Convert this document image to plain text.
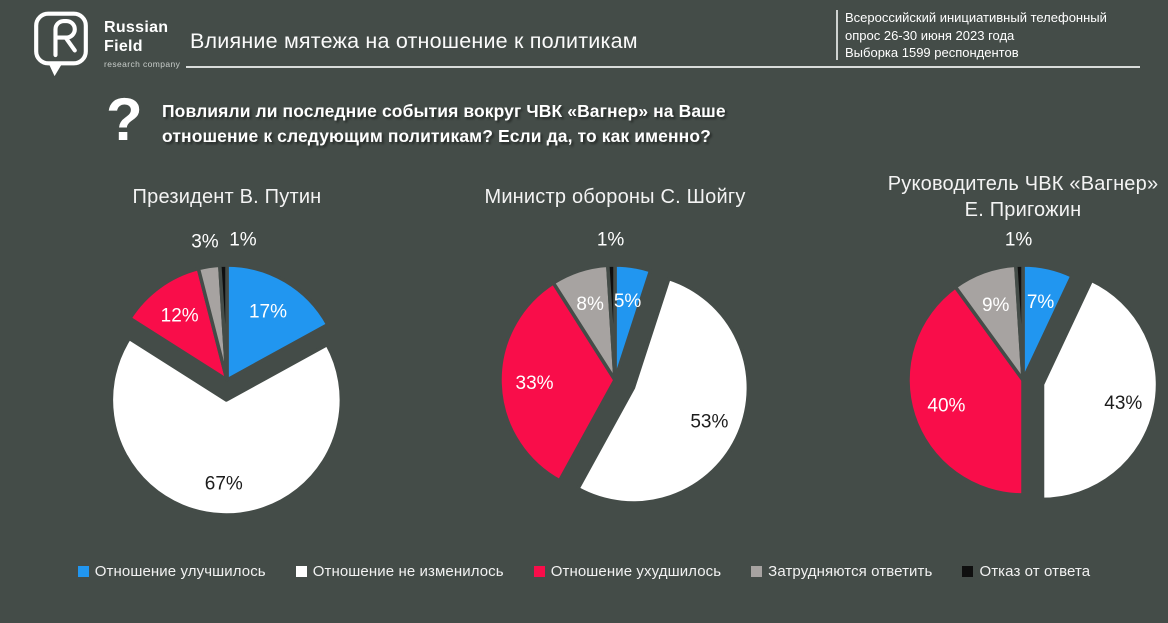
Russian
Field
research company
Влияние мятежа на отношение к политикам
Всероссийский инициативный телефонный
опрос 26-30 июня 2023 года
Выборка 1599 респондентов
? Повлияли ли последние события вокруг ЧВК «Вагнер» на Ваше
отношение к следующим политикам? Если да, то как именно?
Президент В. Путин
17%
67%
12%
3% 1%
Министр обороны С. Шойгу
5%
53%
33%
8%
1%
Руководитель ЧВК «Вагнер»
Е. Пригожин
7%
43%
40%
9%
1%
Отношение улучшилось	Отношение не изменилось	Отношение ухудшилось	Затрудняются ответить	Отказ от ответа
